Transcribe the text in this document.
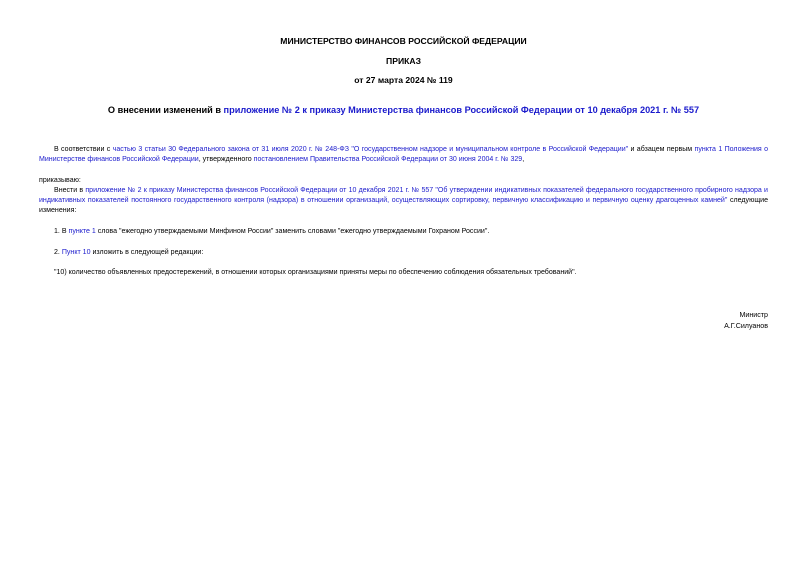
МИНИСТЕРСТВО ФИНАНСОВ РОССИЙСКОЙ ФЕДЕРАЦИИ
ПРИКАЗ
от 27 марта 2024 № 119
О внесении изменений в приложение № 2 к приказу Министерства финансов Российской Федерации от 10 декабря 2021 г. № 557
В соответствии с частью 3 статьи 30 Федерального закона от 31 июля 2020 г. № 248-ФЗ "О государственном надзоре и муниципальном контроле в Российской Федерации" и абзацем первым пункта 1 Положения о Министерстве финансов Российской Федерации, утвержденного постановлением Правительства Российской Федерации от 30 июня 2004 г. № 329,
приказываю:
Внести в приложение № 2 к приказу Министерства финансов Российской Федерации от 10 декабря 2021 г. № 557 "Об утверждении индикативных показателей федерального государственного пробирного надзора и индикативных показателей постоянного государственного контроля (надзора) в отношении организаций, осуществляющих сортировку, первичную классификацию и первичную оценку драгоценных камней" следующие изменения:
1. В пункте 1 слова "ежегодно утверждаемыми Минфином России" заменить словами "ежегодно утверждаемыми Гохраном России".
2. Пункт 10 изложить в следующей редакции:
"10) количество объявленных предостережений, в отношении которых организациями приняты меры по обеспечению соблюдения обязательных требований".
Министр
А.Г.Силуанов
